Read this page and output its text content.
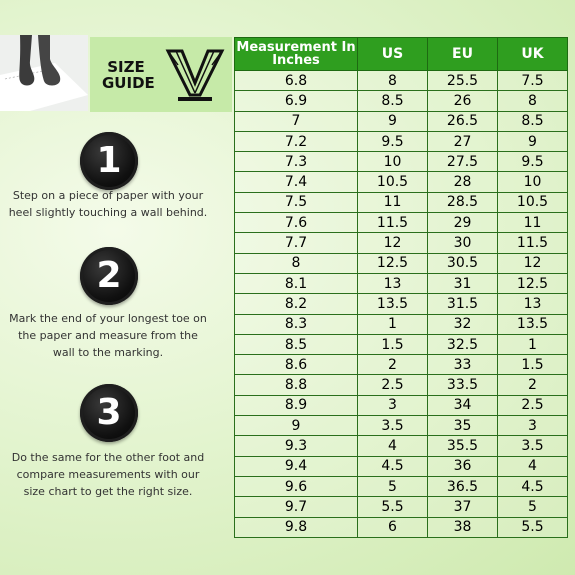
SIZE GUIDE
1
Step on a piece of paper with your heel slightly touching a wall behind.
2
Mark the end of your longest toe on the paper and measure from the wall to the marking.
3
Do the same for the other foot and compare measurements with our size chart to get the right size.
Measurement In Inches	US	EU	UK
6.8	8	25.5	7.5
6.9	8.5	26	8
7	9	26.5	8.5
7.2	9.5	27	9
7.3	10	27.5	9.5
7.4	10.5	28	10
7.5	11	28.5	10.5
7.6	11.5	29	11
7.7	12	30	11.5
8	12.5	30.5	12
8.1	13	31	12.5
8.2	13.5	31.5	13
8.3	1	32	13.5
8.5	1.5	32.5	1
8.6	2	33	1.5
8.8	2.5	33.5	2
8.9	3	34	2.5
9	3.5	35	3
9.3	4	35.5	3.5
9.4	4.5	36	4
9.6	5	36.5	4.5
9.7	5.5	37	5
9.8	6	38	5.5
